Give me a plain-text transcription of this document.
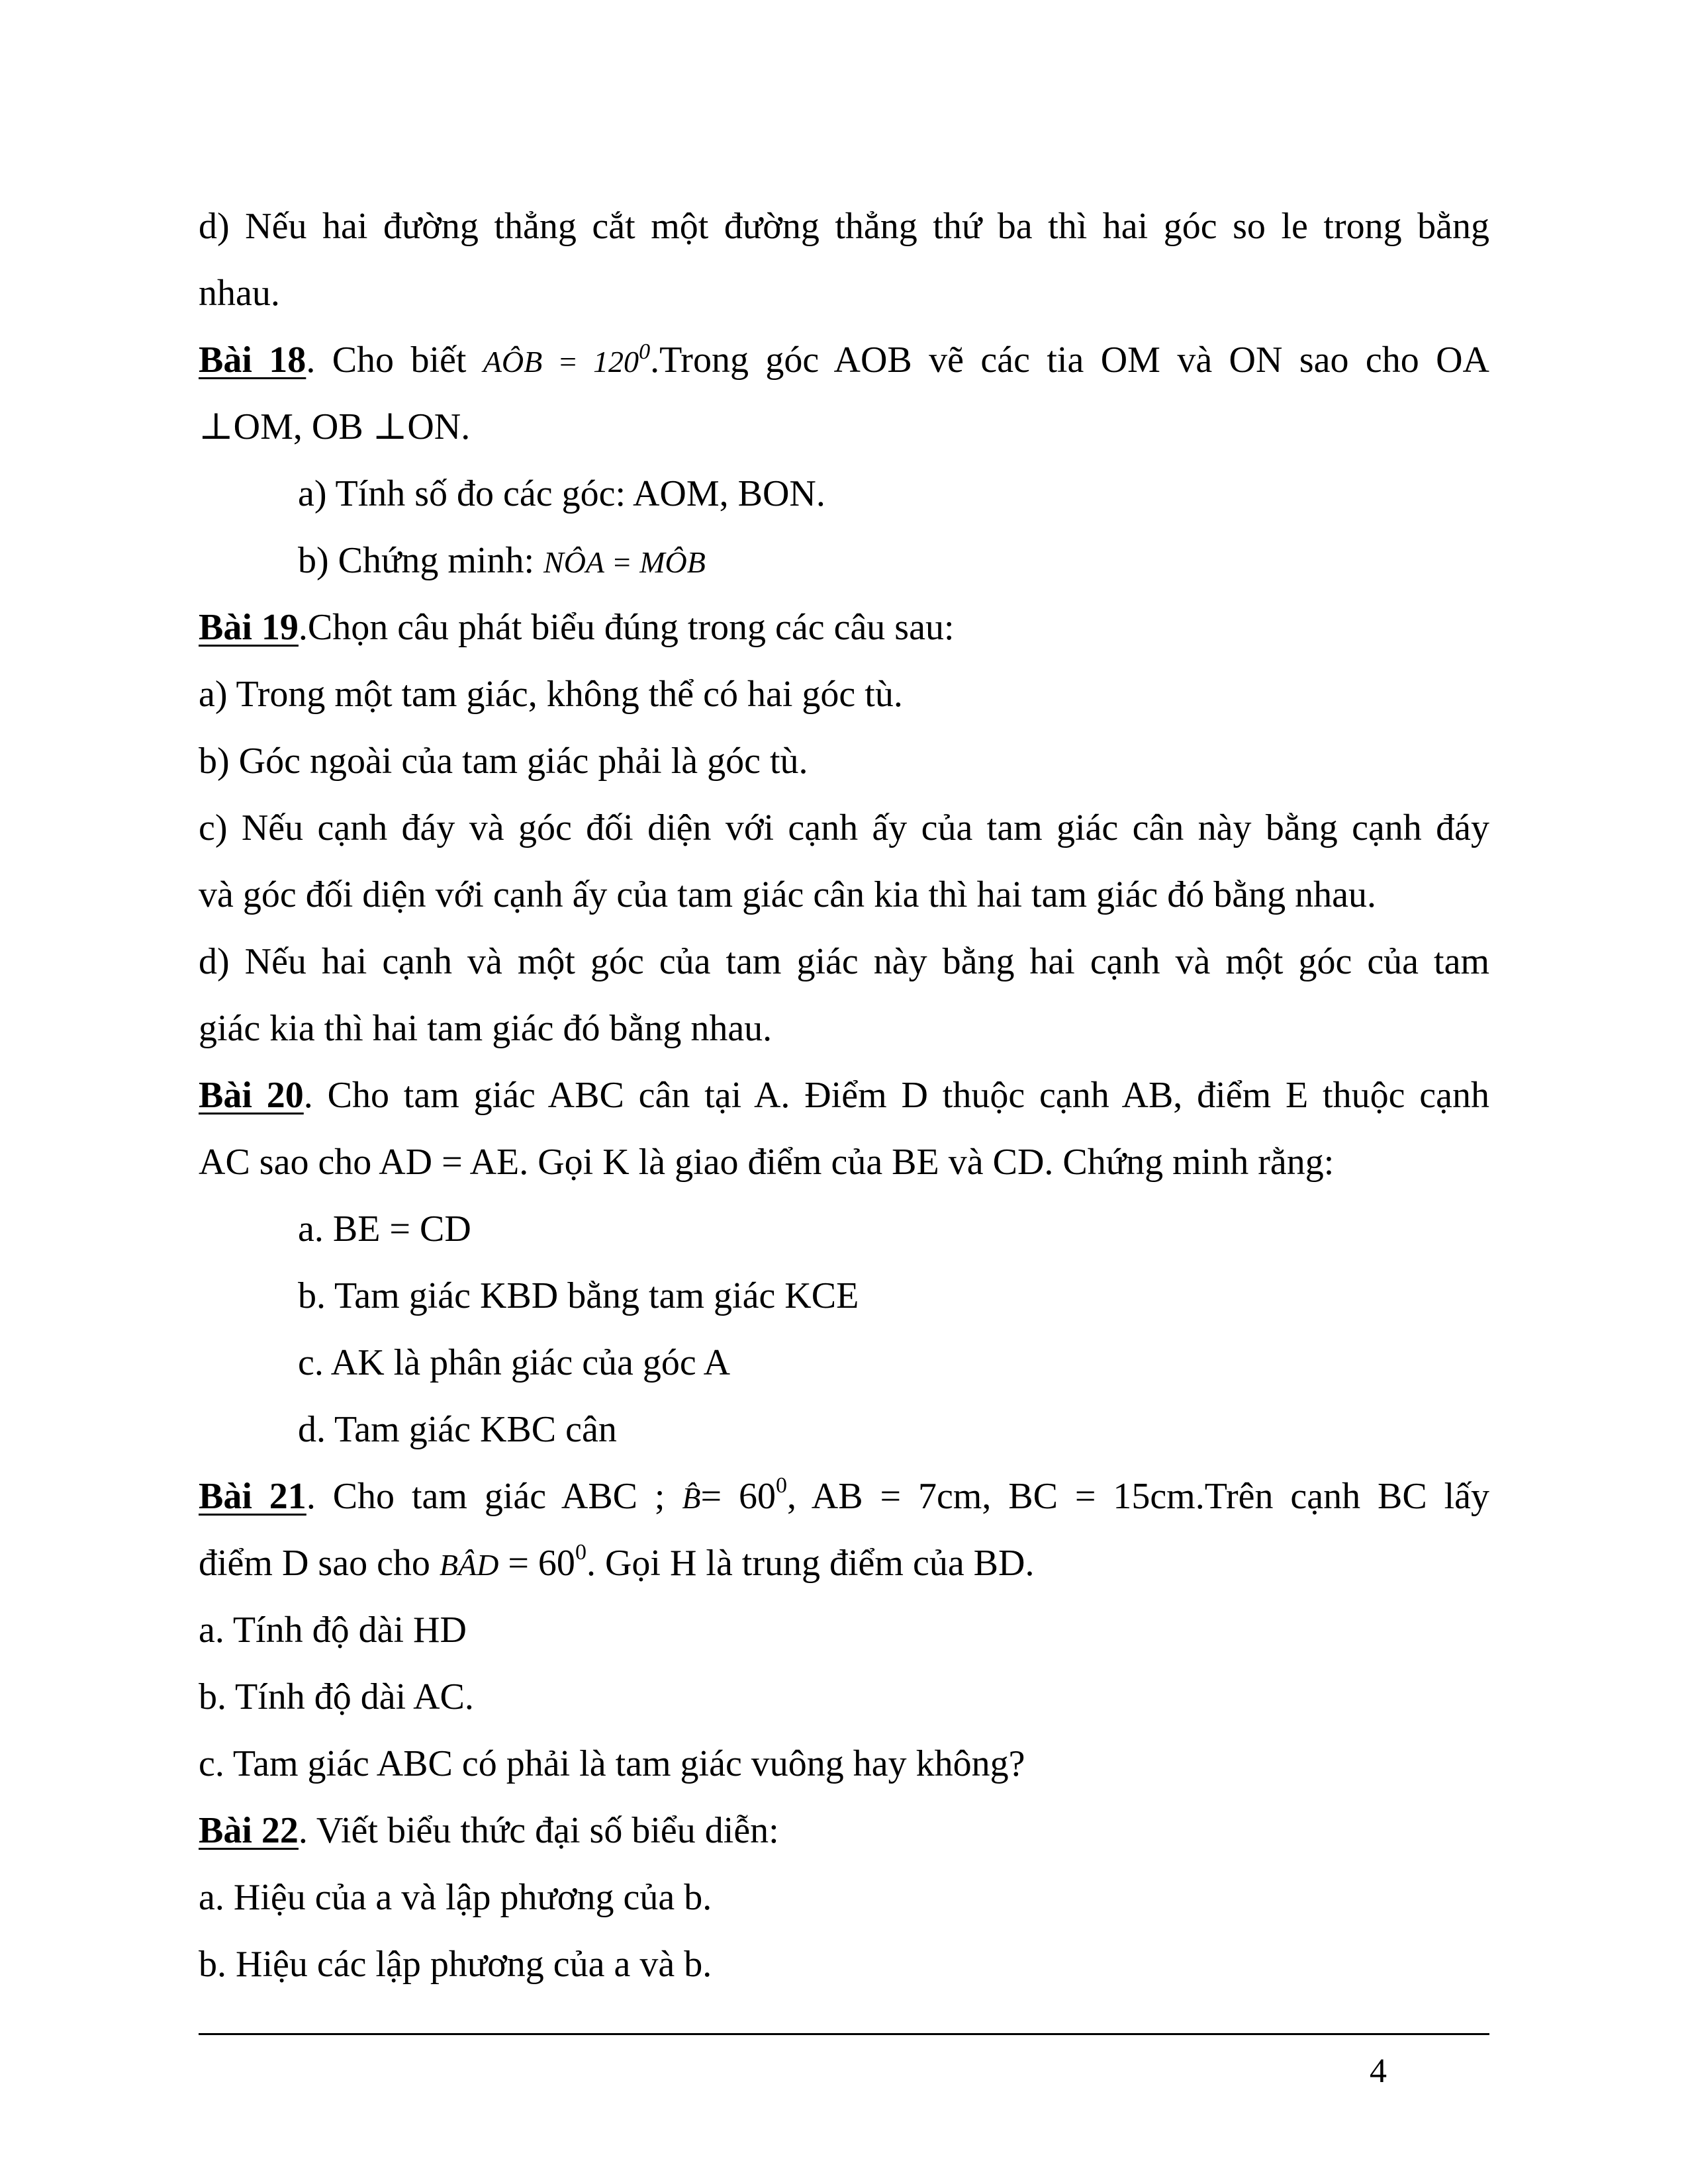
d) Nếu hai đường thẳng cắt một đường thẳng thứ ba thì hai góc so le trong bằng
nhau.
Bài 18. Cho biết AÔB = $120^0.Trong$ góc AOB vẽ các tia OM và ON sao cho OA
⊥OM, OB ⊥ON.
a) Tính số đo các góc: AOM, BON.
b) Chứng minh: NÔA = MÔB
Bài 19.Chọn câu phát biểu đúng trong các câu sau:
a) Trong một tam giác, không thể có hai góc tù.
b) Góc ngoài của tam giác phải là góc tù.
c) Nếu cạnh đáy và góc đối diện với cạnh ấy của tam giác cân này bằng cạnh đáy
và góc đối diện với cạnh ấy của tam giác cân kia thì hai tam giác đó bằng nhau.
d) Nếu hai cạnh và một góc của tam giác này bằng hai cạnh và một góc của tam
giác kia thì hai tam giác đó bằng nhau.
Bài 20. Cho tam giác ABC cân tại A. Điểm D thuộc cạnh AB, điểm E thuộc cạnh
AC sao cho AD = AE. Gọi K là giao điểm của BE và CD. Chứng minh rằng:
a. BE = CD
b. Tam giác KBD bằng tam giác KCE
c. AK là phân giác của góc A
d. Tam giác KBC cân
Bài 21. Cho tam giác ABC ; B̂= $60^0$, AB = 7cm, BC = 15cm.Trên cạnh BC lấy
điểm D sao cho BÂD = $60^0$. Gọi H là trung điểm của BD.
a. Tính độ dài HD
b. Tính độ dài AC.
c. Tam giác ABC có phải là tam giác vuông hay không?
Bài 22. Viết biểu thức đại số biểu diễn:
a. Hiệu của a và lập phương của b.
b. Hiệu các lập phương của a và b.
4
